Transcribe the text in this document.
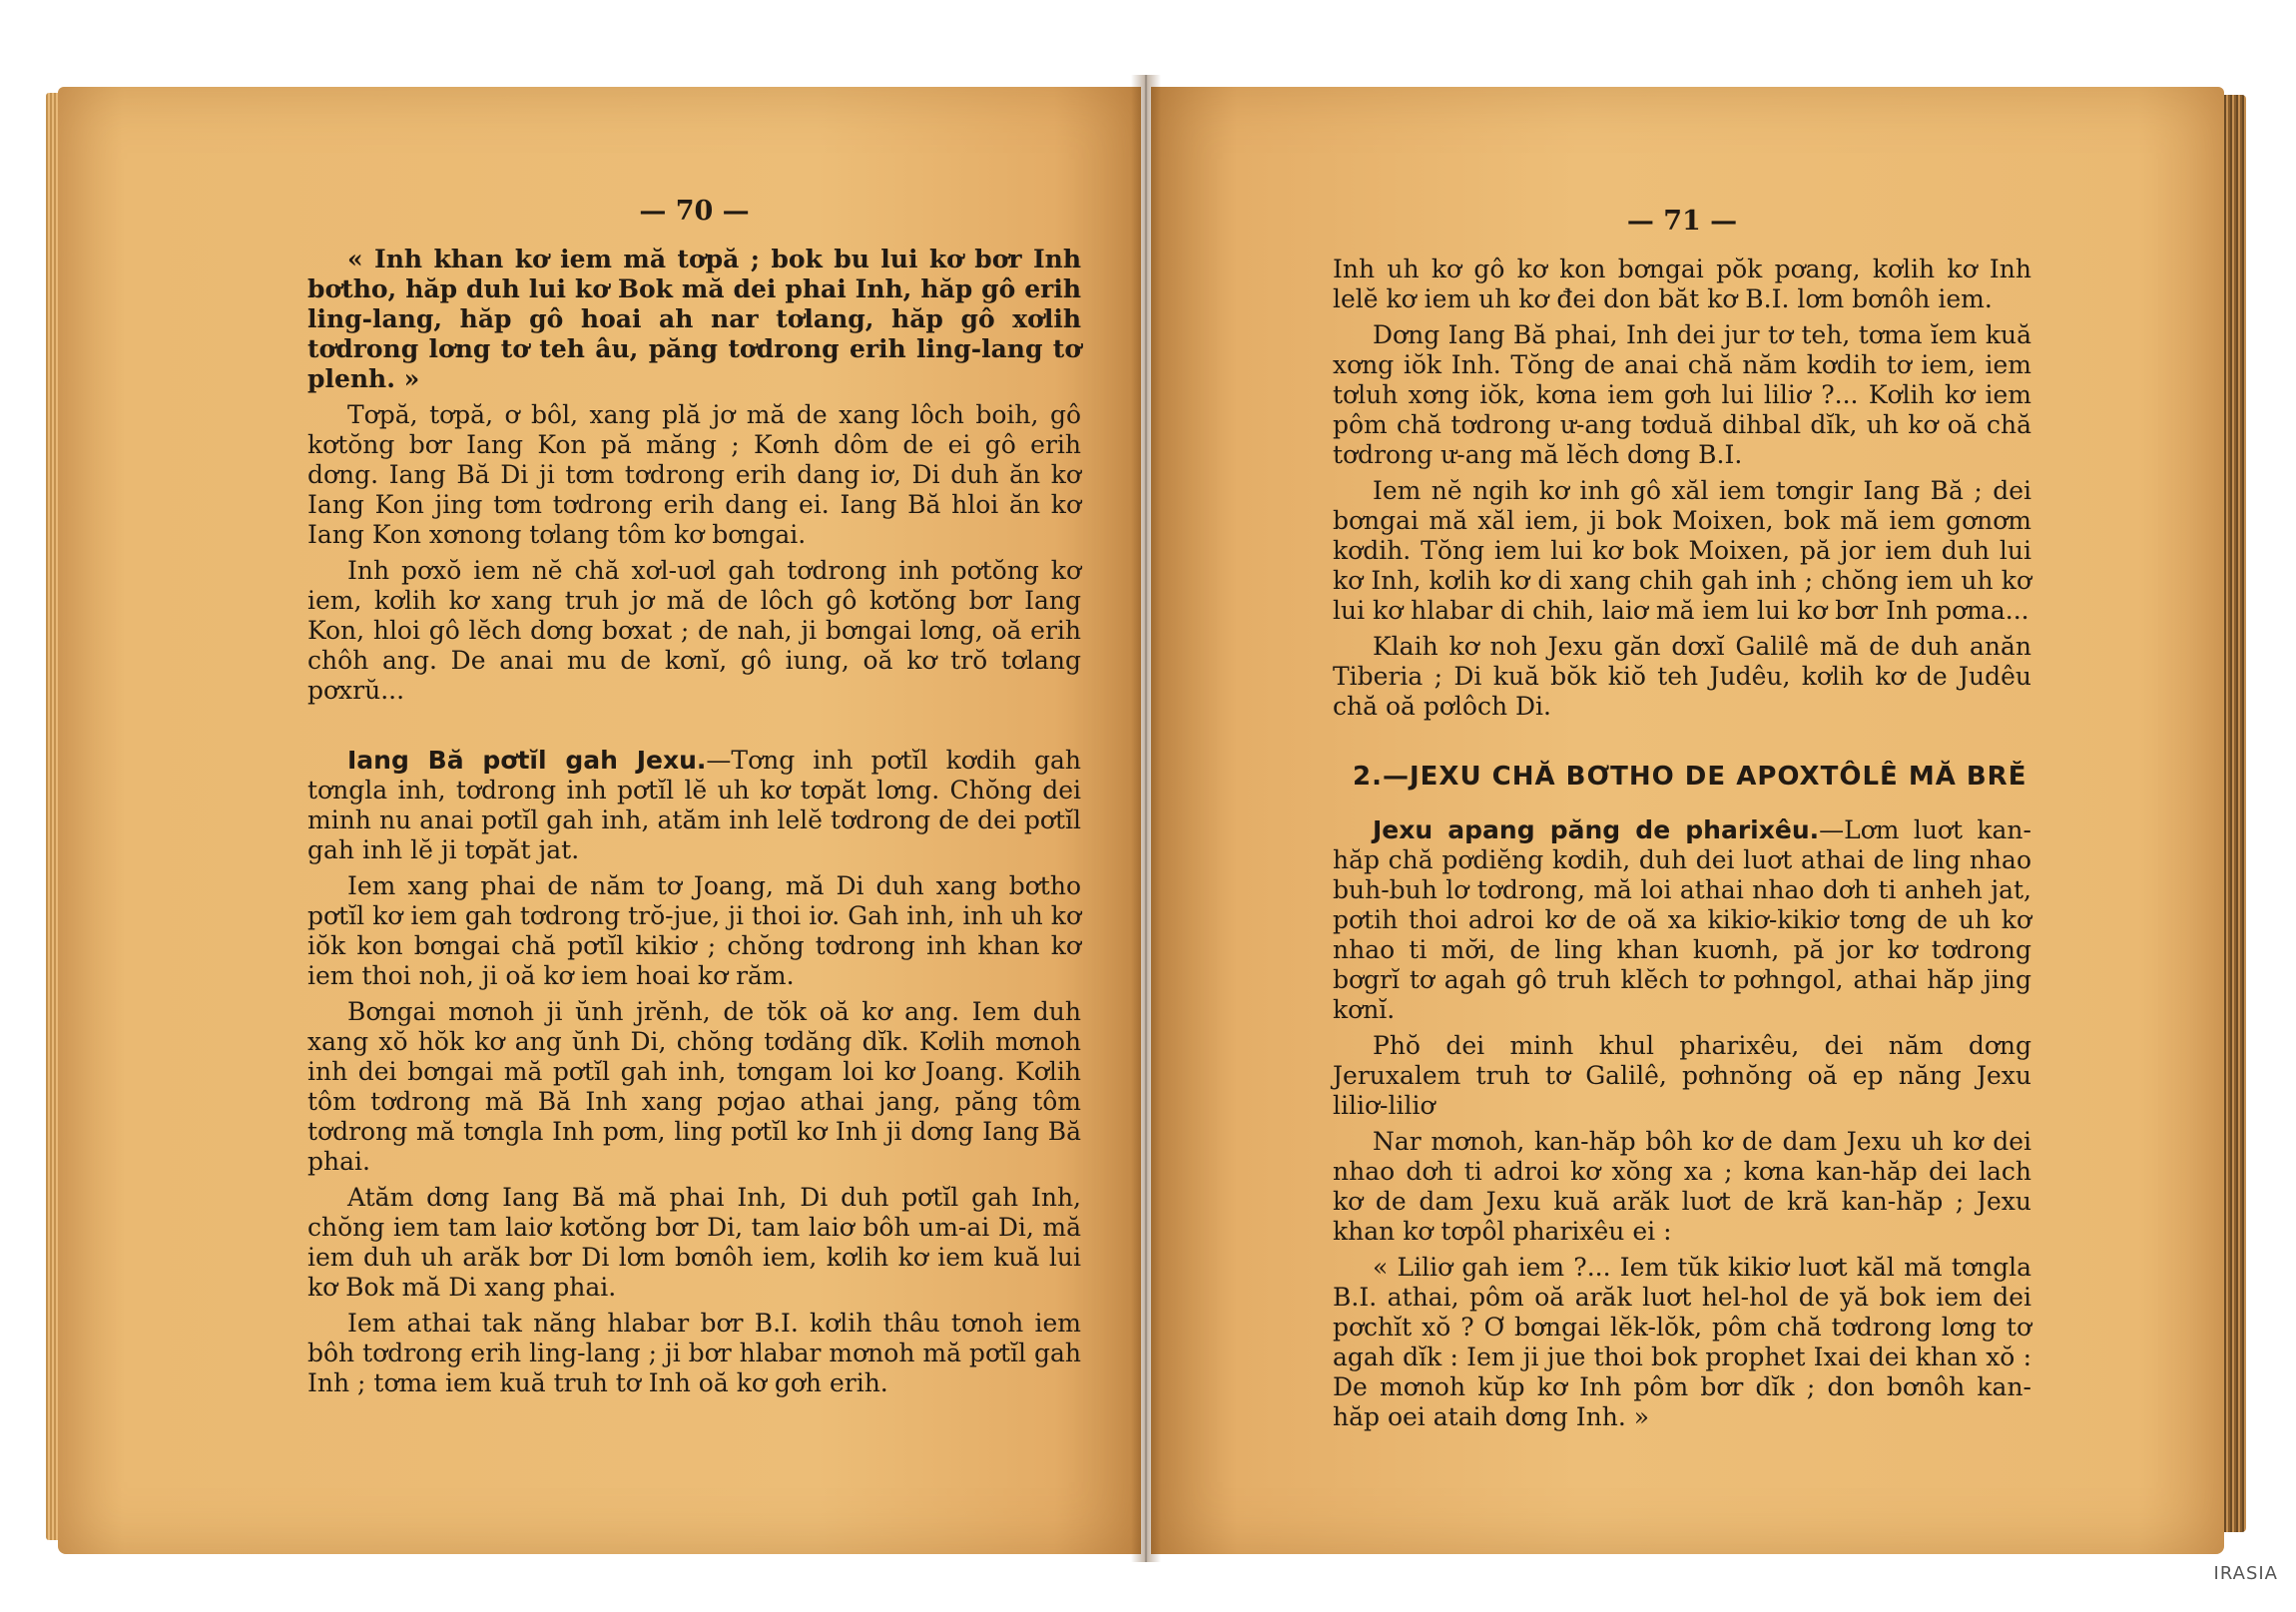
— 70 —

« Inh khan kơ iem mă tơpă ; bok bu lui kơ bơr Inh bơtho, hăp duh lui kơ Bok mă dei phai Inh, hăp gô erih ling-lang, hăp gô hoai ah nar tơlang, hăp gô xơlih tơdrong lơng tơ teh âu, păng tơdrong erih ling-lang tơ plenh. »

Tơpă, tơpă, ơ bôl, xang plă jơ mă de xang lôch boih, gô kơtŏng bơr Iang Kon pă măng ; Kơnh dôm de ei gô erih dơng. Iang Bă Di ji tơm tơdrong erih dang iơ, Di duh ăn kơ Iang Kon jing tơm tơdrong erih dang ei. Iang Bă hloi ăn kơ Iang Kon xơnong tơlang tôm kơ bơngai.

Inh pơxŏ iem nĕ chă xơl-uơl gah tơdrong inh pơtŏng kơ iem, kơlih kơ xang truh jơ mă de lôch gô kơtŏng bơr Iang Kon, hloi gô lĕch dơng bơxat ; de nah, ji bơngai lơng, oă erih chôh ang. De anai mu de kơnĭ, gô iung, oă kơ trŏ tơlang pơxrŭ...

Iang Bă pơtĭl gah Jexu.—Tơng inh pơtĭl kơdih gah tơngla inh, tơdrong inh pơtĭl lĕ uh kơ tơpăt lơng. Chŏng dei minh nu anai pơtĭl gah inh, atăm inh lelĕ tơdrong de dei pơtĭl gah inh lĕ ji tơpăt jat.

Iem xang phai de năm tơ Joang, mă Di duh xang bơtho pơtĭl kơ iem gah tơdrong trŏ-jue, ji thoi iơ. Gah inh, inh uh kơ iŏk kon bơngai chă pơtĭl kikiơ ; chŏng tơdrong inh khan kơ iem thoi noh, ji oă kơ iem hoai kơ răm.

Bơngai mơnoh ji ŭnh jrĕnh, de tŏk oă kơ ang. Iem duh xang xŏ hŏk kơ ang ŭnh Di, chŏng tơdăng dĭk. Kơlih mơnoh inh dei bơngai mă pơtĭl gah inh, tơngam loi kơ Joang. Kơlih tôm tơdrong mă Bă Inh xang pơjao athai jang, păng tôm tơdrong mă tơngla Inh pơm, ling pơtĭl kơ Inh ji dơng Iang Bă phai.

Atăm dơng Iang Bă mă phai Inh, Di duh pơtĭl gah Inh, chŏng iem tam laiơ kơtŏng bơr Di, tam laiơ bôh um-ai Di, mă iem duh uh arăk bơr Di lơm bơnôh iem, kơlih kơ iem kuă lui kơ Bok mă Di xang phai.

Iem athai tak năng hlabar bơr B.I. kơlih thâu tơnoh iem bôh tơdrong erih ling-lang ; ji bơr hlabar mơnoh mă pơtĭl gah Inh ; tơma iem kuă truh tơ Inh oă kơ gơh erih.

— 71 —

Inh uh kơ gô kơ kon bơngai pŏk pơang, kơlih kơ Inh lelĕ kơ iem uh kơ đei don băt kơ B.I. lơm bơnôh iem.

Dơng Iang Bă phai, Inh dei jur tơ teh, tơma ĭem kuă xơng iŏk Inh. Tŏng de anai chă năm kơdih tơ iem, iem tơluh xơng iŏk, kơna iem gơh lui liliơ ?... Kơlih kơ iem pôm chă tơdrong ư-ang tơduă dihbal dĭk, uh kơ oă chă tơdrong ư-ang mă lĕch dơng B.I.

Iem nĕ ngih kơ inh gô xăl iem tơngir Iang Bă ; dei bơngai mă xăl iem, ji bok Moixen, bok mă iem gơnơm kơdih. Tŏng iem lui kơ bok Moixen, pă jor iem duh lui kơ Inh, kơlih kơ di xang chih gah inh ; chŏng iem uh kơ lui kơ hlabar di chih, laiơ mă iem lui kơ bơr Inh pơma...

Klaih kơ noh Jexu găn dơxĭ Galilê mă de duh anăn Tiberia ; Di kuă bŏk kiŏ teh Judêu, kơlih kơ de Judêu chă oă pơlôch Di.

2.—JEXU CHĂ BƠTHO DE APOXTÔLÊ MĂ BRĔ

Jexu apang păng de pharixêu.—Lơm luơt kan-hăp chă pơdiĕng kơdih, duh dei luơt athai de ling nhao buh-buh lơ tơdrong, mă loi athai nhao dơh ti anheh jat, pơtih thoi adroi kơ de oă xa kikiơ-kikiơ tơng de uh kơ nhao ti mơ̆i, de ling khan kuơnh, pă jor kơ tơdrong bơgrĭ tơ agah gô truh klĕch tơ pơhngol, athai hăp jing kơnĭ.

Phŏ dei minh khul pharixêu, dei năm dơng Jeruxalem truh tơ Galilê, pơhnŏng oă ep năng Jexu liliơ-liliơ

Nar mơnoh, kan-hăp bôh kơ de dam Jexu uh kơ dei nhao dơh ti adroi kơ xŏng xa ; kơna kan-hăp dei lach kơ de dam Jexu kuă arăk luơt de kră kan-hăp ; Jexu khan kơ tơpôl pharixêu ei :

« Liliơ gah iem ?... Iem tŭk kikiơ luơt kăl mă tơngla B.I. athai, pôm oă arăk luơt hel-hol de yă bok iem dei pơchĭt xŏ ? Ơ bơngai lĕk-lŏk, pôm chă tơdrong lơng tơ agah dĭk : Iem ji jue thoi bok prophet Ixai dei khan xŏ : De mơnoh kŭp kơ Inh pôm bơr dĭk ; don bơnôh kan-hăp oei ataih dơng Inh. »

IRASIA
